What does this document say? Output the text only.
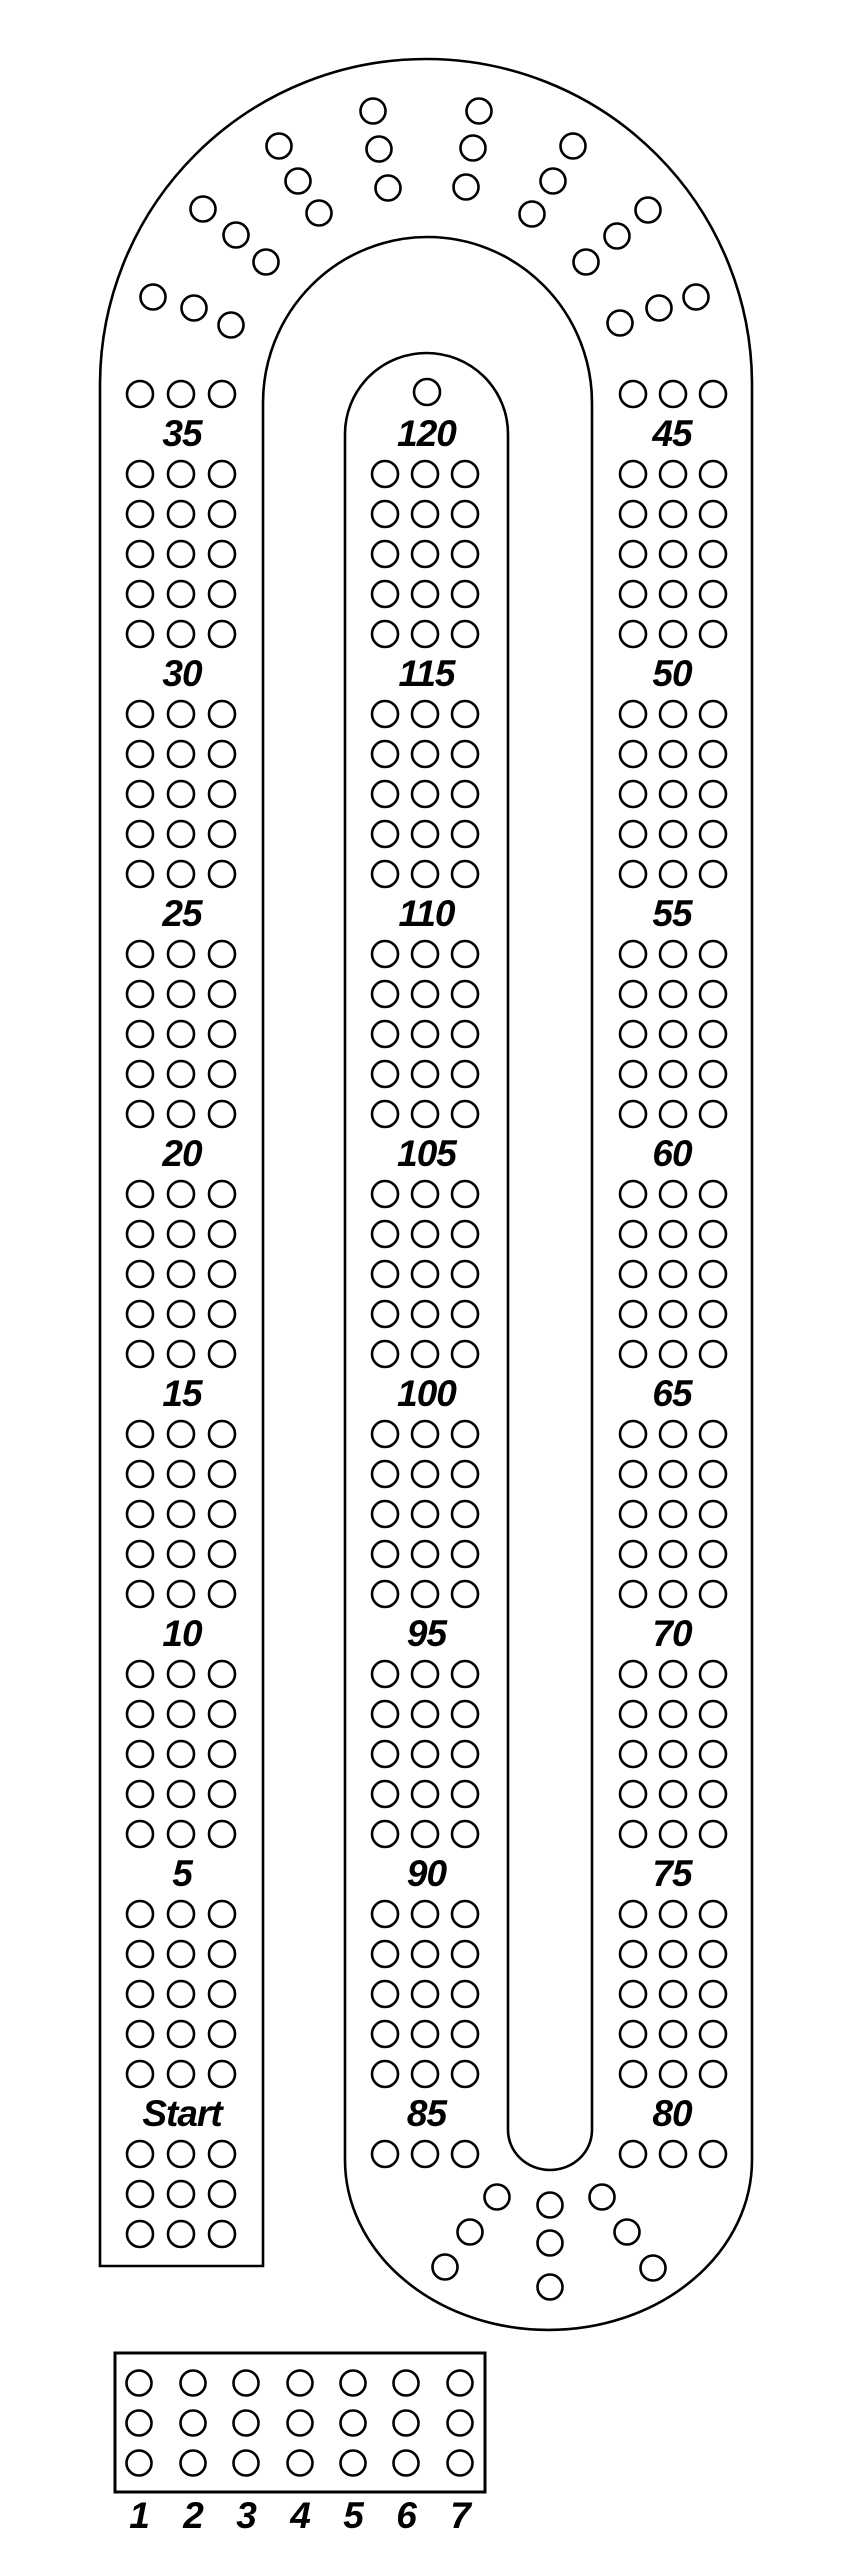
35
30
25
20
15
10
5
Start
120
115
110
105
100
95
90
85
45
50
55
60
65
70
75
80
1 2 3 4 5 6 7
